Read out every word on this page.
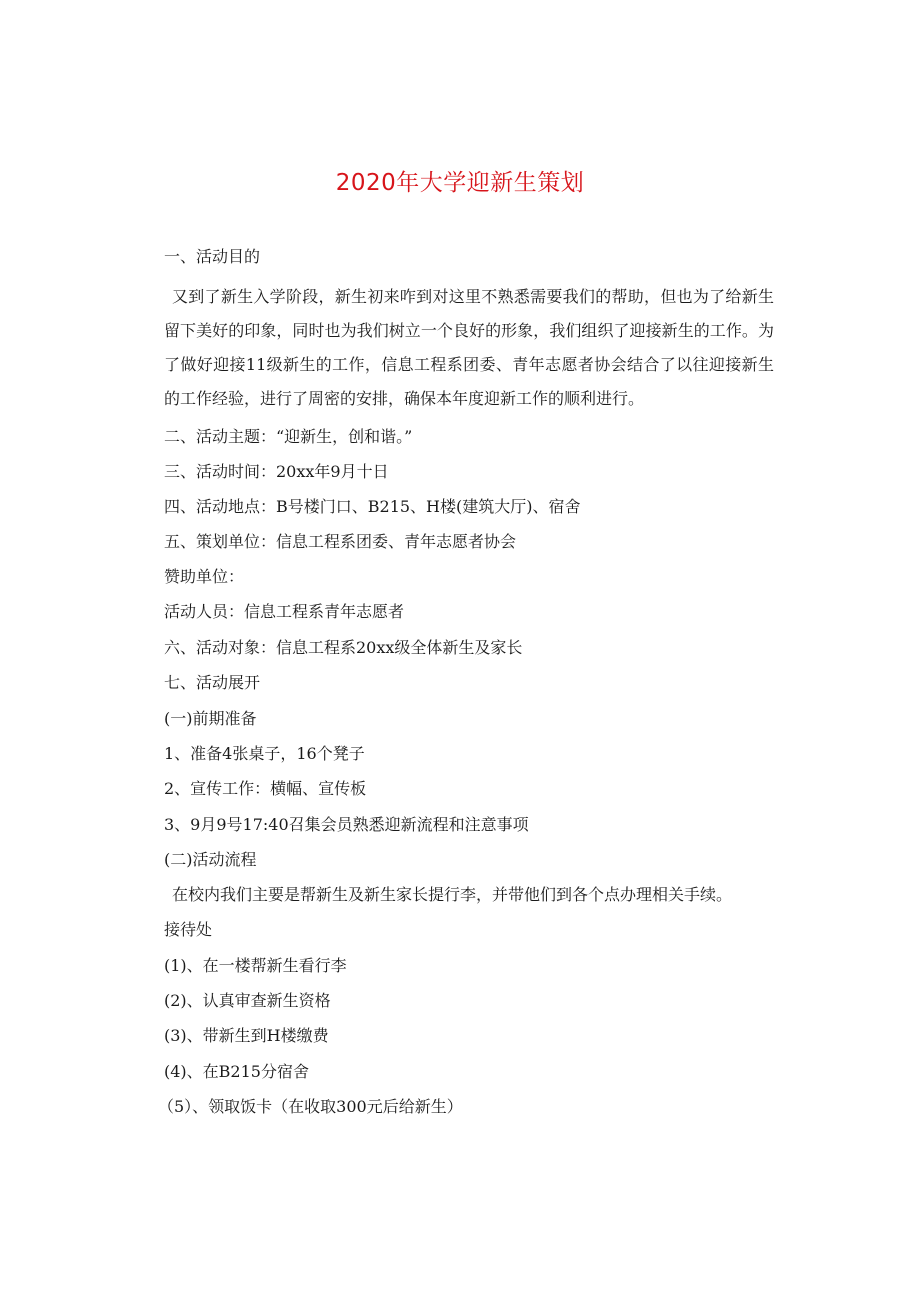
2020年大学迎新生策划
一、活动目的
又到了新生入学阶段，新生初来咋到对这里不熟悉需要我们的帮助，但也为了给新生留下美好的印象，同时也为我们树立一个良好的形象，我们组织了迎接新生的工作。为了做好迎接11级新生的工作，信息工程系团委、青年志愿者协会结合了以往迎接新生的工作经验，进行了周密的安排，确保本年度迎新工作的顺利进行。
二、活动主题：“迎新生，创和谐。”
三、活动时间：20xx年9月十日
四、活动地点：B号楼门口、B215、H楼(建筑大厅)、宿舍
五、策划单位：信息工程系团委、青年志愿者协会
赞助单位：
活动人员：信息工程系青年志愿者
六、活动对象：信息工程系20xx级全体新生及家长
七、活动展开
(一)前期准备
1、准备4张桌子，16个凳子
2、宣传工作：横幅、宣传板
3、9月9号17:40召集会员熟悉迎新流程和注意事项
(二)活动流程
在校内我们主要是帮新生及新生家长提行李，并带他们到各个点办理相关手续。
接待处
(1)、在一楼帮新生看行李
(2)、认真审查新生资格
(3)、带新生到H楼缴费
(4)、在B215分宿舍
（5）、领取饭卡（在收取300元后给新生）
